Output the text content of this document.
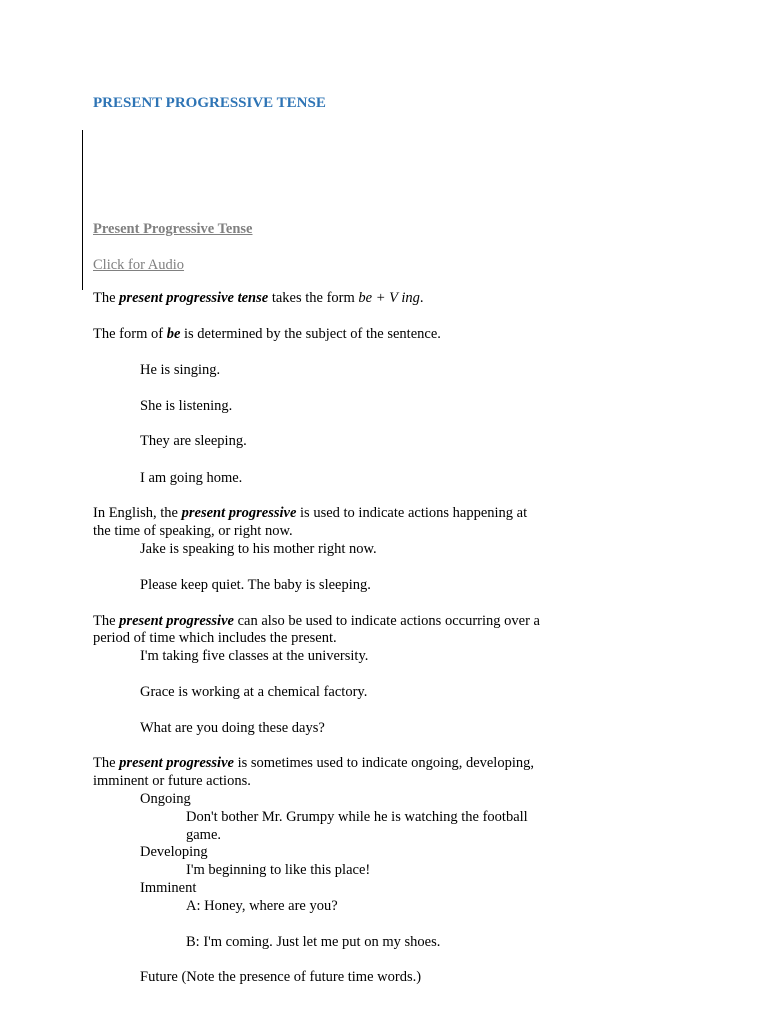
PRESENT PROGRESSIVE TENSE
Present Progressive Tense
Click for Audio
The present progressive tense takes the form be + V ing.
The form of be is determined by the subject of the sentence.
He is singing.
She is listening.
They are sleeping.
I am going home.
In English, the present progressive is used to indicate actions happening at
the time of speaking, or right now.
Jake is speaking to his mother right now.
Please keep quiet. The baby is sleeping.
The present progressive can also be used to indicate actions occurring over a
period of time which includes the present.
I'm taking five classes at the university.
Grace is working at a chemical factory.
What are you doing these days?
The present progressive is sometimes used to indicate ongoing, developing,
imminent or future actions.
Ongoing
Don't bother Mr. Grumpy while he is watching the football
game.
Developing
I'm beginning to like this place!
Imminent
A: Honey, where are you?
B: I'm coming. Just let me put on my shoes.
Future (Note the presence of future time words.)
